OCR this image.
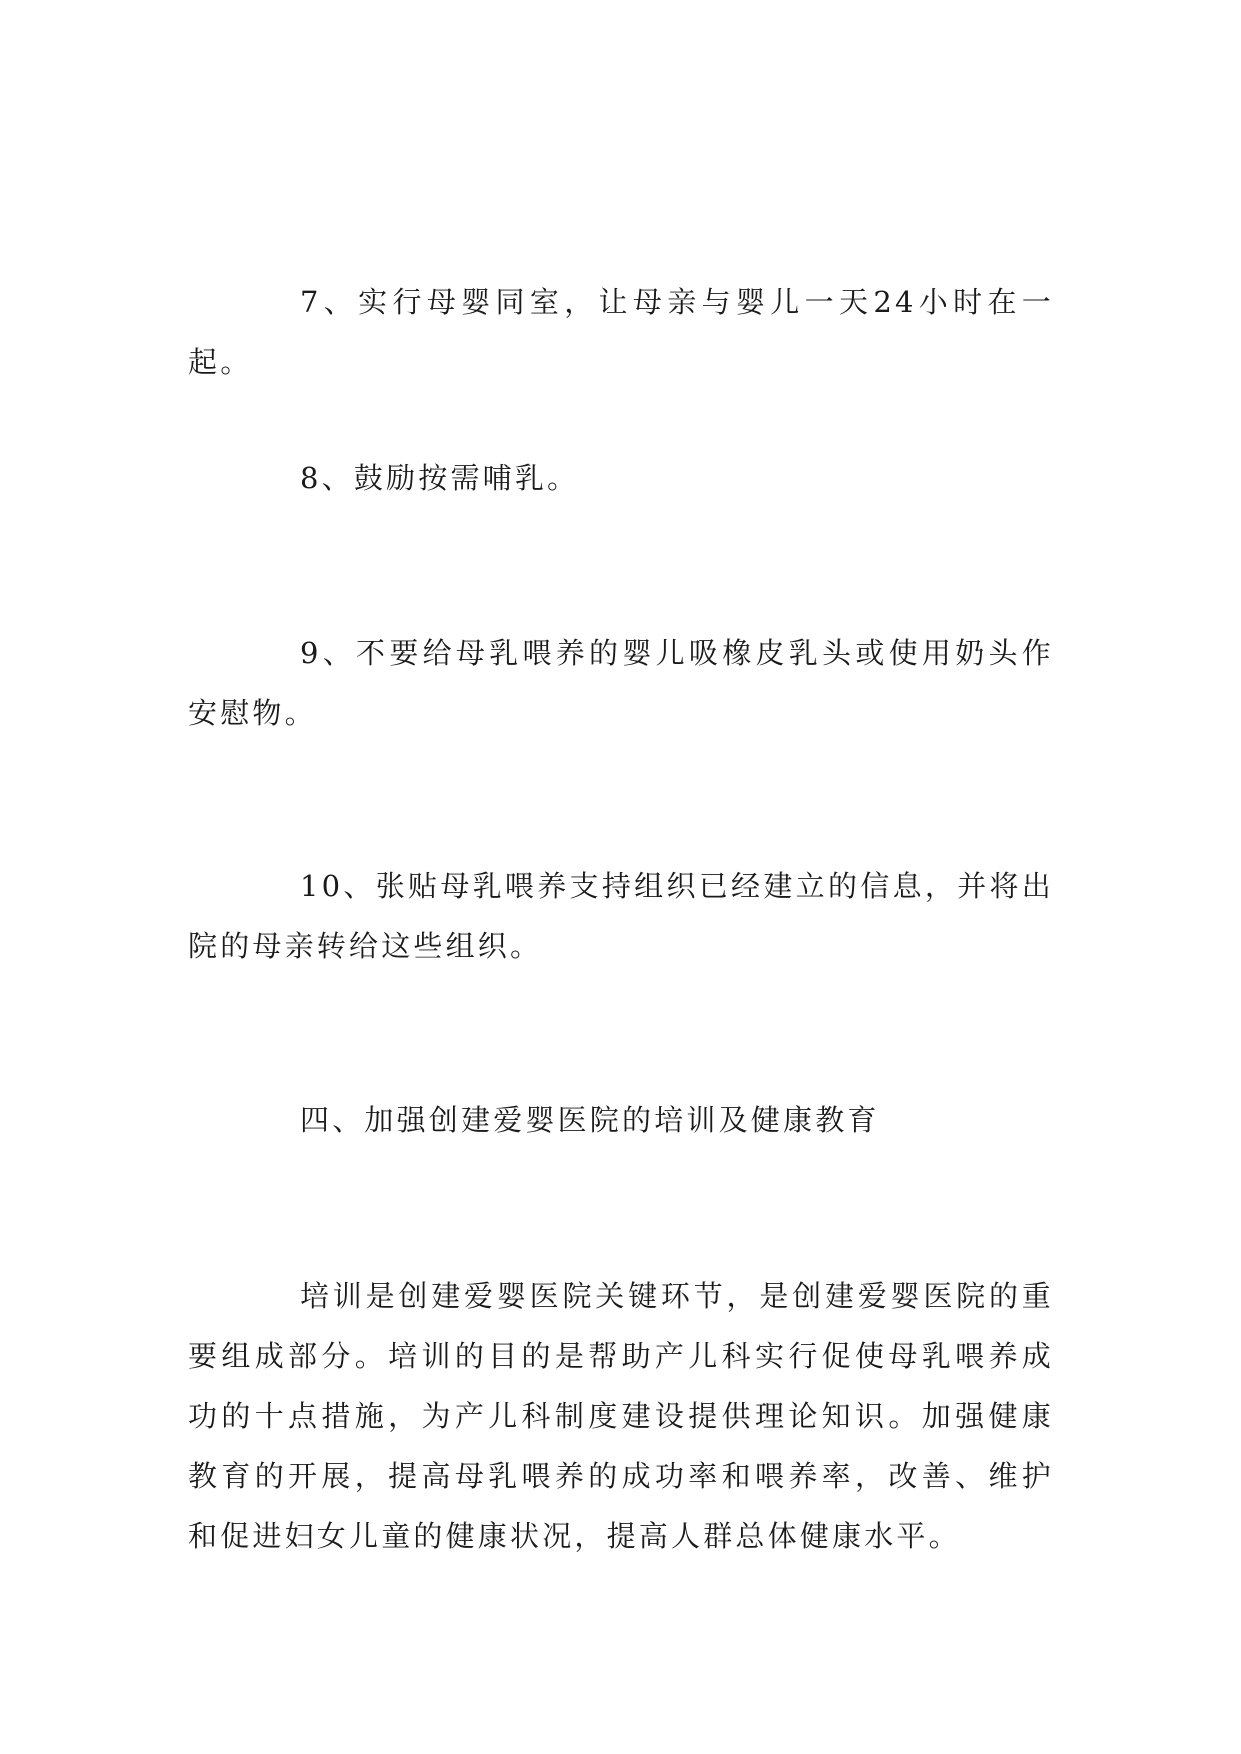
7、实行母婴同室，让母亲与婴儿一天24小时在一起。

8、鼓励按需哺乳。

9、不要给母乳喂养的婴儿吸橡皮乳头或使用奶头作安慰物。

10、张贴母乳喂养支持组织已经建立的信息，并将出院的母亲转给这些组织。

四、加强创建爱婴医院的培训及健康教育

培训是创建爱婴医院关键环节，是创建爱婴医院的重要组成部分。培训的目的是帮助产儿科实行促使母乳喂养成功的十点措施，为产儿科制度建设提供理论知识。加强健康教育的开展，提高母乳喂养的成功率和喂养率，改善、维护和促进妇女儿童的健康状况，提高人群总体健康水平。
